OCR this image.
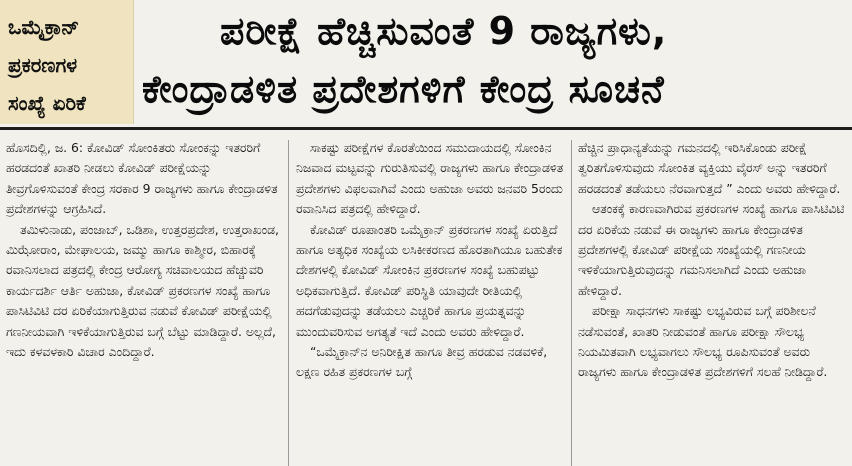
ಒಮೈಕ್ರಾನ್
ಪ್ರಕರಣಗಳ
ಸಂಖ್ಯೆ ಏರಿಕೆ
ಪರೀಕ್ಷೆ ಹೆಚ್ಚಿಸುವಂತೆ 9 ರಾಜ್ಯಗಳು,
ಕೇಂದ್ರಾಡಳಿತ ಪ್ರದೇಶಗಳಿಗೆ ಕೇಂದ್ರ ಸೂಚನೆ

ಹೊಸದಿಲ್ಲಿ, ಜ. 6: ಕೋವಿಡ್ ಸೋಂಕಿತರು ಸೋಂಕನ್ನು ಇತರರಿಗೆ ಹರಡದಂತೆ ಖಾತರಿ ನೀಡಲು ಕೋವಿಡ್ ಪರೀಕ್ಷೆಯನ್ನು ತೀವ್ರಗೊಳಿಸುವಂತೆ ಕೇಂದ್ರ ಸರಕಾರ 9 ರಾಜ್ಯಗಳು ಹಾಗೂ ಕೇಂದ್ರಾಡಳಿತ ಪ್ರದೇಶಗಳನ್ನು ಆಗ್ರಹಿಸಿದೆ.

ತಮಿಳುನಾಡು, ಪಂಜಾಬ್, ಒಡಿಶಾ, ಉತ್ತರಪ್ರದೇಶ, ಉತ್ತರಾಖಂಡ, ಮಿಝೋರಾಂ, ಮೇಘಾಲಯ, ಜಮ್ಮು ಹಾಗೂ ಕಾಶ್ಮೀರ, ಬಿಹಾರಕ್ಕೆ ರವಾನಿಸಲಾದ ಪತ್ರದಲ್ಲಿ ಕೇಂದ್ರ ಆರೋಗ್ಯ ಸಚಿವಾಲಯದ ಹೆಚ್ಚುವರಿ ಕಾರ್ಯದರ್ಶಿ ಆರ್ತಿ ಅಹುಜಾ, ಕೋವಿಡ್ ಪ್ರಕರಣಗಳ ಸಂಖ್ಯೆ ಹಾಗೂ ಪಾಸಿಟಿವಿಟಿ ದರ ಏರಿಕೆಯಾಗುತ್ತಿರುವ ನಡುವೆ ಕೋವಿಡ್ ಪರೀಕ್ಷೆಯಲ್ಲಿ ಗಣನೀಯವಾಗಿ ಇಳಿಕೆಯಾಗುತ್ತಿರುವ ಬಗ್ಗೆ ಬೆಟ್ಟು ಮಾಡಿದ್ದಾರೆ. ಅಲ್ಲದೆ, ಇದು ಕಳವಳಕಾರಿ ವಿಚಾರ ಎಂದಿದ್ದಾರೆ.

ಸಾಕಷ್ಟು ಪರೀಕ್ಷೆಗಳ ಕೊರತೆಯಿಂದ ಸಮುದಾಯದಲ್ಲಿ ಸೋಂಕಿನ ನಿಜವಾದ ಮಟ್ಟವನ್ನು ಗುರುತಿಸುವಲ್ಲಿ ರಾಜ್ಯಗಳು ಹಾಗೂ ಕೇಂದ್ರಾಡಳಿತ ಪ್ರದೇಶಗಳು ವಿಫಲವಾಗಿವೆ ಎಂದು ಅಹುಜಾ ಅವರು ಜನವರಿ 5ರಂದು ರವಾನಿಸಿದ ಪತ್ರದಲ್ಲಿ ಹೇಳಿದ್ದಾರೆ.

ಕೋವಿಡ್ ರೂಪಾಂತರಿ ಒಮೈಕ್ರಾನ್ ಪ್ರಕರಣಗಳ ಸಂಖ್ಯೆ ಏರುತ್ತಿದೆ ಹಾಗೂ ಅತ್ಯಧಿಕ ಸಂಖ್ಯೆಯ ಲಸಿಕೀಕರಣದ ಹೊರತಾಗಿಯೂ ಬಹುತೇಕ ದೇಶಗಳಲ್ಲಿ ಕೋವಿಡ್ ಸೋಂಕಿನ ಪ್ರಕರಣಗಳ ಸಂಖ್ಯೆ ಬಹುಪಟ್ಟು ಅಧಿಕವಾಗುತ್ತಿದೆ. ಕೋವಿಡ್ ಪರಿಸ್ಥಿತಿ ಯಾವುದೇ ರೀತಿಯಲ್ಲಿ ಹದಗೆಡುವುದನ್ನು ತಡೆಯಲು ಎಚ್ಚರಿಕೆ ಹಾಗೂ ಪ್ರಯತ್ನವನ್ನು ಮುಂದುವರಿಸುವ ಅಗತ್ಯತೆ ಇದೆ ಎಂದು ಅವರು ಹೇಳಿದ್ದಾರೆ.

“ಒಮೈಕ್ರಾನ್‌ನ ಅನಿರೀಕ್ಷಿತ ಹಾಗೂ ತೀವ್ರ ಹರಡುವ ನಡವಳಿಕೆ, ಲಕ್ಷಣ ರಹಿತ ಪ್ರಕರಣಗಳ ಬಗ್ಗೆ

ಹೆಚ್ಚಿನ ಪ್ರಾಧಾನ್ಯತೆಯನ್ನು ಗಮನದಲ್ಲಿ ಇರಿಸಿಕೊಂಡು ಪರೀಕ್ಷೆ ತ್ವರಿತಗೊಳಿಸುವುದು ಸೋಂಕಿತ ವ್ಯಕ್ತಿಯು ವೈರಸ್ ಅನ್ನು ಇತರರಿಗೆ ಹರಡದಂತೆ ತಡೆಯಲು ನೆರವಾಗುತ್ತದೆ ” ಎಂದು ಅವರು ಹೇಳಿದ್ದಾರೆ.

ಆತಂಕಕ್ಕೆ ಕಾರಣವಾಗಿರುವ ಪ್ರಕರಣಗಳ ಸಂಖ್ಯೆ ಹಾಗೂ ಪಾಸಿಟಿವಿಟಿ ದರ ಏರಿಕೆಯ ನಡುವೆ ಈ ರಾಜ್ಯಗಳು ಹಾಗೂ ಕೇಂದ್ರಾಡಳಿತ ಪ್ರದೇಶಗಳಲ್ಲಿ ಕೋವಿಡ್ ಪರೀಕ್ಷೆಯ ಸಂಖ್ಯೆಯಲ್ಲಿ ಗಣನೀಯ ಇಳಿಕೆಯಾಗುತ್ತಿರುವುದನ್ನು ಗಮನಿಸಲಾಗಿದೆ ಎಂದು ಅಹುಜಾ ಹೇಳಿದ್ದಾರೆ.

ಪರೀಕ್ಷಾ ಸಾಧನಗಳು ಸಾಕಷ್ಟು ಲಭ್ಯವಿರುವ ಬಗ್ಗೆ ಪರಿಶೀಲನೆ ನಡೆಸುವಂತೆ, ಖಾತರಿ ನೀಡುವಂತೆ ಹಾಗೂ ಪರೀಕ್ಷಾ ಸೌಲಭ್ಯ ನಿಯಮಿತವಾಗಿ ಲಭ್ಯವಾಗಲು ಸೌಲಭ್ಯ ರೂಪಿಸುವಂತೆ ಅವರು ರಾಜ್ಯಗಳು ಹಾಗೂ ಕೇಂದ್ರಾಡಳಿತ ಪ್ರದೇಶಗಳಿಗೆ ಸಲಹೆ ನೀಡಿದ್ದಾರೆ.
